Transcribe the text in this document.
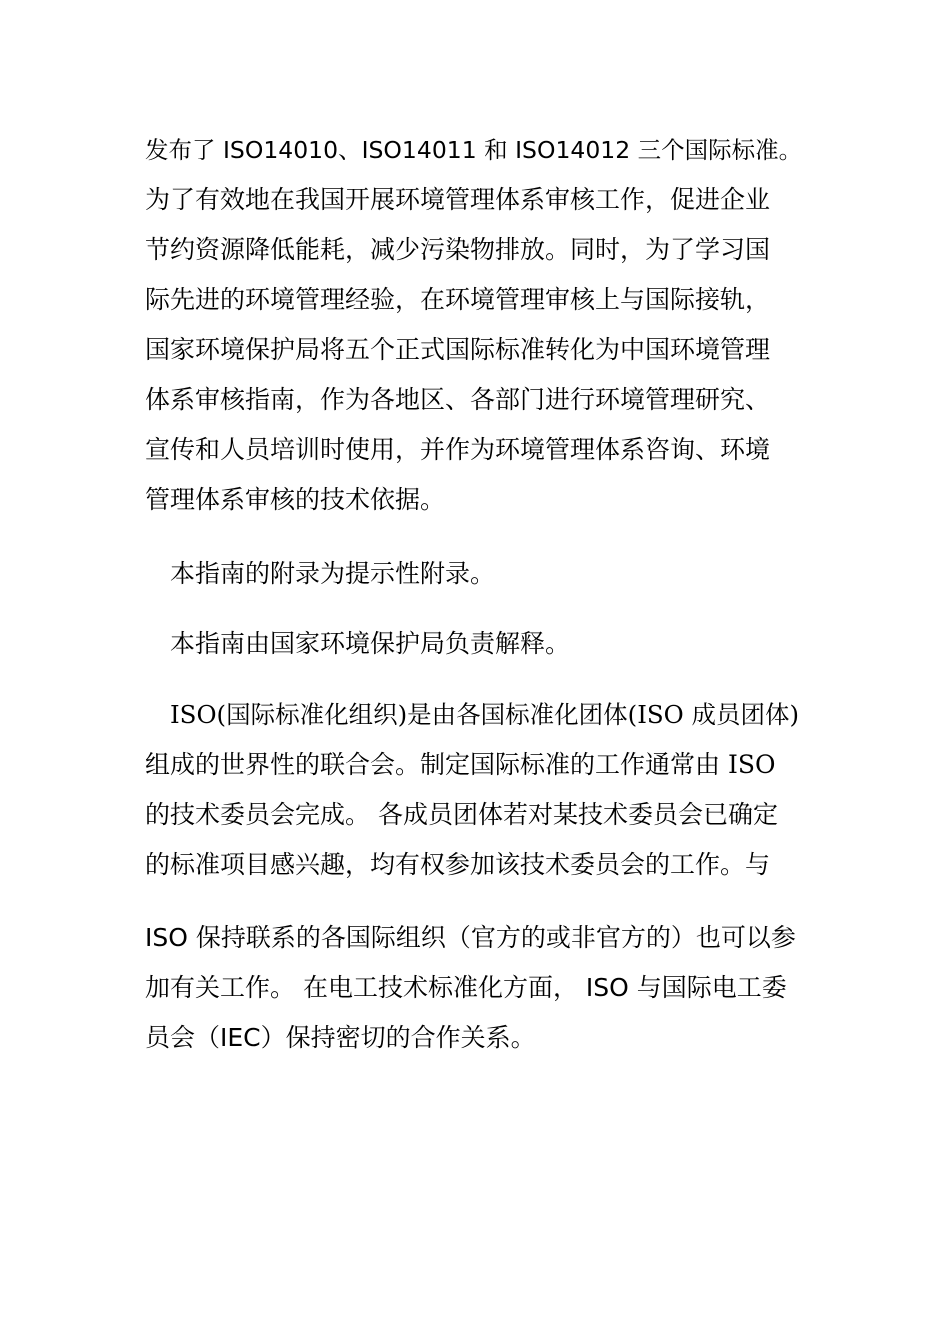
发布了 ISO14010、ISO14011 和 ISO14012 三个国际标准。
为了有效地在我国开展环境管理体系审核工作，促进企业
节约资源降低能耗，减少污染物排放。同时，为了学习国
际先进的环境管理经验，在环境管理审核上与国际接轨，
国家环境保护局将五个正式国际标准转化为中国环境管理
体系审核指南，作为各地区、各部门进行环境管理研究、
宣传和人员培训时使用，并作为环境管理体系咨询、环境
管理体系审核的技术依据。
本指南的附录为提示性附录。
本指南由国家环境保护局负责解释。
ISO(国际标准化组织)是由各国标准化团体(ISO 成员团体)
组成的世界性的联合会。制定国际标准的工作通常由 ISO
的技术委员会完成。 各成员团体若对某技术委员会已确定
的标准项目感兴趣，均有权参加该技术委员会的工作。与
ISO 保持联系的各国际组织（官方的或非官方的）也可以参
加有关工作。 在电工技术标准化方面， ISO 与国际电工委
员会（IEC）保持密切的合作关系。
